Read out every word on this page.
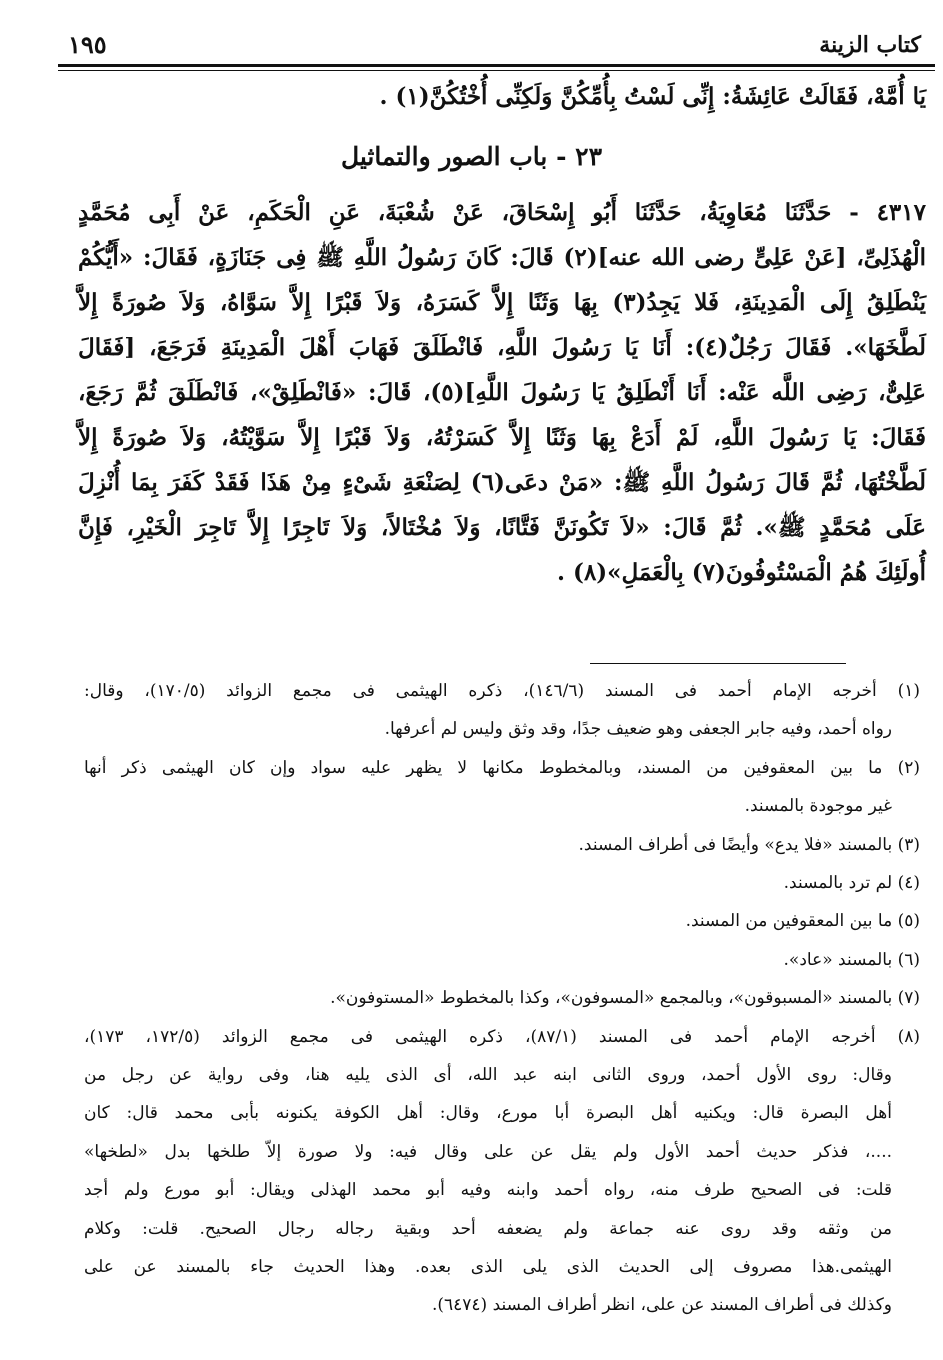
كتاب الزينة
١٩٥
يَا أُمَّهْ، فَقَالَتْ عَائِشَةُ: إِنِّى لَسْتُ بِأُمِّكُنَّ وَلَكِنِّى أُخْتُكُنَّ(١) .
٢٣ - باب الصور والتماثيل
٤٣١٧ - حَدَّثَنَا مُعَاوِيَةُ، حَدَّثَنَا أَبُو إِسْحَاقَ، عَنْ شُعْبَةَ، عَنِ الْحَكَمِ، عَنْ أَبِى مُحَمَّدٍ
الْهُذَلِىِّ، [عَنْ عَلِىٍّ رضى الله عنه](٢) قَالَ: كَانَ رَسُولُ اللَّهِ ﷺ فِى جَنَازَةٍ، فَقَالَ: «أَيُّكُمْ
يَنْطَلِقُ إِلَى الْمَدِينَةِ، فَلا يَجِدُ(٣) بِهَا وَثَنًا إِلاَّ كَسَرَهُ، وَلاَ قَبْرًا إِلاَّ سَوَّاهُ، وَلاَ صُورَةً إِلاَّ
لَطَّخَهَا». فَقَالَ رَجُلٌ(٤): أَنَا يَا رَسُولَ اللَّهِ، فَانْطَلَقَ فَهَابَ أَهْلَ الْمَدِينَةِ فَرَجَعَ، [فَقَالَ
عَلِىٌّ، رَضِى اللَّه عَنْه: أَنَا أَنْطَلِقُ يَا رَسُولَ اللَّهِ](٥)، قَالَ: «فَانْطَلِقْ»، فَانْطَلَقَ ثُمَّ رَجَعَ،
فَقَالَ: يَا رَسُولَ اللَّهِ، لَمْ أَدَعْ بِهَا وَثَنًا إِلاَّ كَسَرْتُهُ، وَلاَ قَبْرًا إِلاَّ سَوَّيْتُهُ، وَلاَ صُورَةً إِلاَّ
لَطَّخْتُهَا، ثُمَّ قَالَ رَسُولُ اللَّهِ ﷺ: «مَنْ دعَى(٦) لِصَنْعَةِ شَىْءٍ مِنْ هَذَا فَقَدْ كَفَرَ بِمَا أُنْزِلَ
عَلَى مُحَمَّدٍ ﷺ». ثُمَّ قَالَ: «لاَ تَكُونَنَّ فَتَّانًا، وَلاَ مُخْتَالاً، وَلاَ تَاجِرًا إِلاَّ تَاجِرَ الْخَيْرِ، فَإِنَّ
أُولَئِكَ هُمُ الْمَسْتُوفُونَ(٧) بِالْعَمَلِ»(٨) .
(١) أخرجه الإمام أحمد فى المسند (١٤٦/٦)، ذكره الهيثمى فى مجمع الزوائد (١٧٠/٥)، وقال:
رواه أحمد، وفيه جابر الجعفى وهو ضعيف جدًا، وقد وثق وليس لم أعرفها.
(٢) ما بين المعقوفين من المسند، وبالمخطوط مكانها لا يظهر عليه سواد وإن كان الهيثمى ذكر أنها
غير موجودة بالمسند.
(٣) بالمسند «فلا يدع» وأيضًا فى أطراف المسند.
(٤) لم ترد بالمسند.
(٥) ما بين المعقوفين من المسند.
(٦) بالمسند «عاد».
(٧) بالمسند «المسبوقون»، وبالمجمع «المسوفون»، وكذا بالمخطوط «المستوفون».
(٨) أخرجه الإمام أحمد فى المسند (٨٧/١)، ذكره الهيثمى فى مجمع الزوائد (١٧٢/٥، ١٧٣)،
وقال: روى الأول أحمد، وروى الثانى ابنه عبد الله، أى الذى يليه هنا، وفى رواية عن رجل من
أهل البصرة قال: ويكنيه أهل البصرة أبا مورع، وقال: أهل الكوفة يكنونه بأبى محمد قال: كان
....، فذكر حديث أحمد الأول ولم يقل عن على وقال فيه: ولا صورة إلاّ طلخها بدل «لطخها»
قلت: فى الصحيح طرف منه، رواه أحمد وابنه وفيه أبو محمد الهذلى ويقال: أبو مورع ولم أجد
من وثقه وقد روى عنه جماعة ولم يضعفه أحد وبقية رجاله رجال الصحيح. قلت: وكلام
الهيثمى.هذا مصروف إلى الحديث الذى يلى الذى بعده. وهذا الحديث جاء بالمسند عن على
وكذلك فى أطراف المسند عن على، انظر أطراف المسند (٦٤٧٤).
